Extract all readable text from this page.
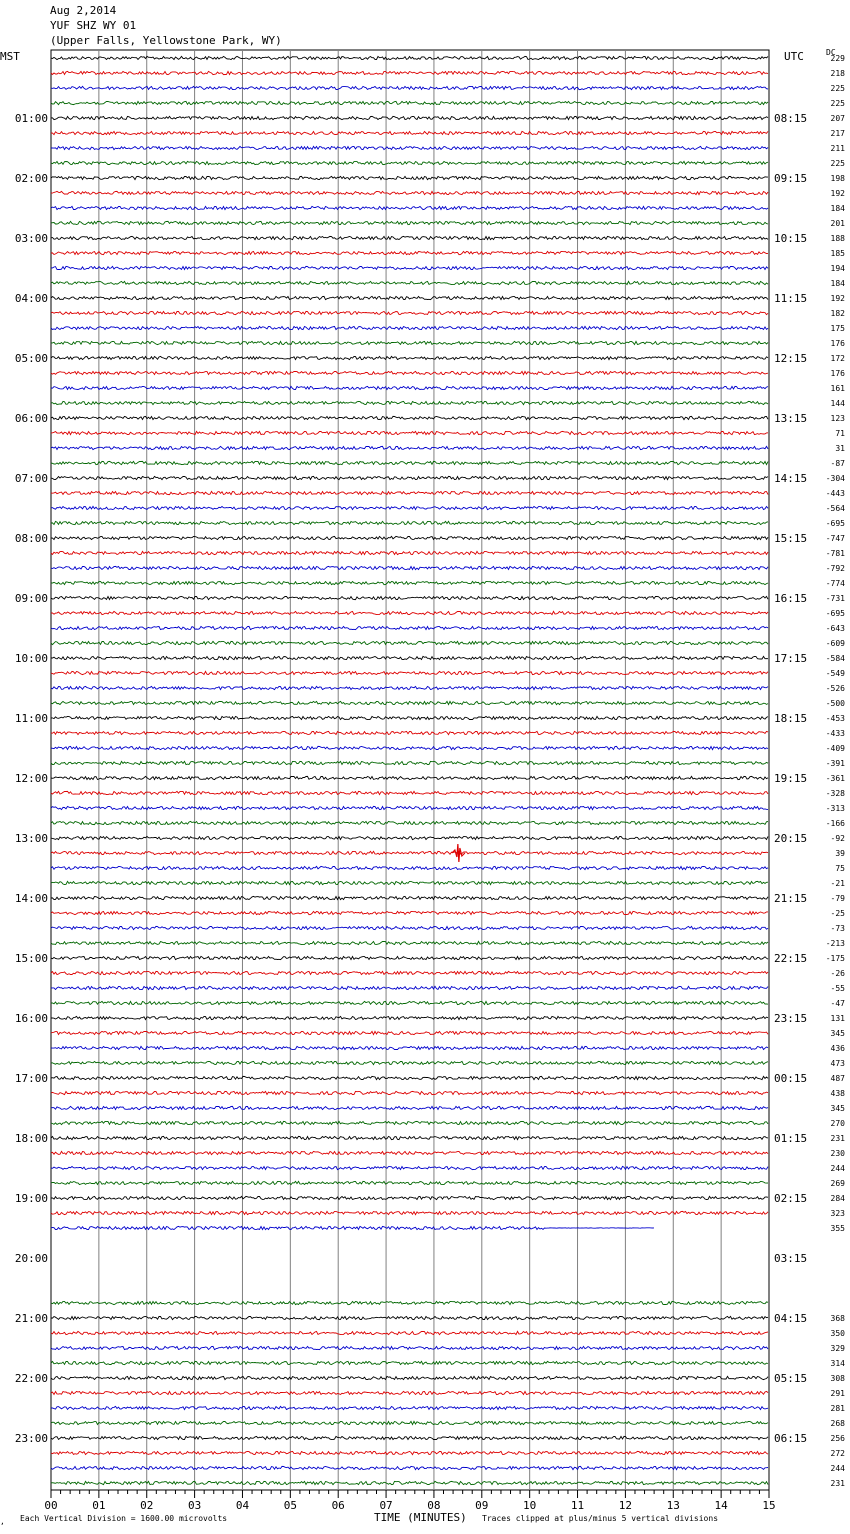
Aug 2,2014
YUF SHZ WY 01
(Upper Falls, Yellowstone Park, WY)
MST	UTC	DC
229
218
225
225
207
217
211
225
198
192
184
201
188
185
194
184
192
182
175
176
172
176
161
144
123
71
31
-87
-304
-443
-564
-695
-747
-781
-792
-774
-731
-695
-643
-609
-584
-549
-526
-500
-453
-433
-409
-391
-361
-328
-313
-166
-92
39
75
-21
-79
-25
-73
-213
-175
-26
-55
-47
131
345
436
473
487
438
345
270
231
230
244
269
284
323
355
368
350
329
314
308
291
281
268
256
272
244
231
01:00	08:15
02:00	09:15
03:00	10:15
04:00	11:15
05:00	12:15
06:00	13:15
07:00	14:15
08:00	15:15
09:00	16:15
10:00	17:15
11:00	18:15
12:00	19:15
13:00	20:15
14:00	21:15
15:00	22:15
16:00	23:15
17:00	00:15
18:00	01:15
19:00	02:15
20:00	03:15
21:00	04:15
22:00	05:15
23:00	06:15
00	01	02	03	04	05	06	07	08	09	10	11	12	13	14	15
, Each Vertical Division = 1600.00 microvolts	TIME (MINUTES) Traces clipped at plus/minus 5 vertical divisions
